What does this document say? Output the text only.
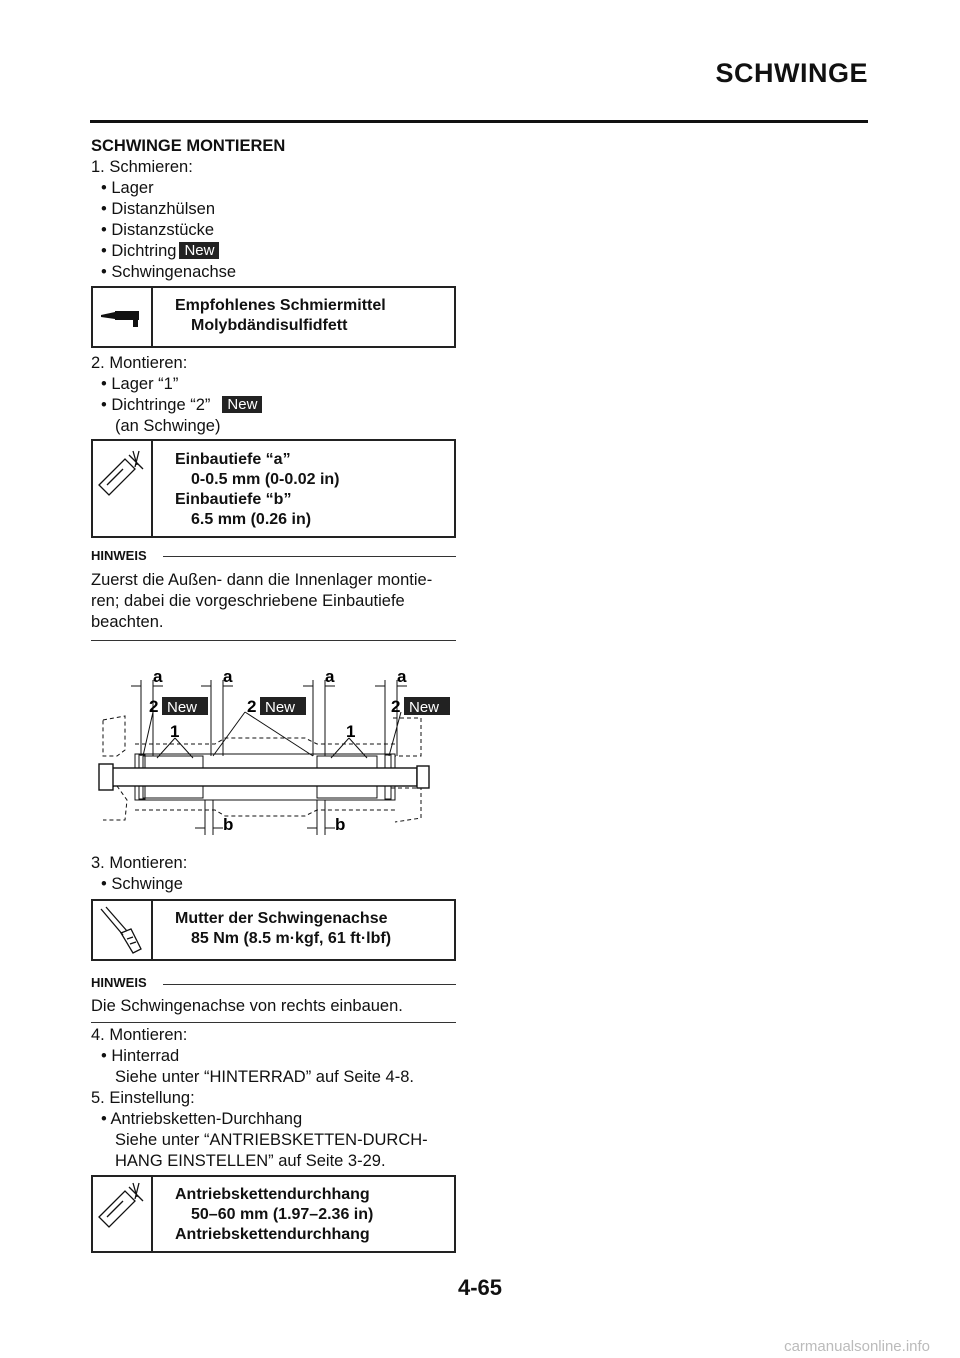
SCHWINGE
SCHWINGE MONTIEREN
1. Schmieren:
• Lager
• Distanzhülsen
• Distanzstücke
• Dichtring New
• Schwingenachse
Empfohlenes Schmiermittel
Molybdändisulfidfett
2. Montieren:
• Lager “1”
• Dichtringe “2” New
(an Schwinge)
Einbautiefe “a”
0-0.5 mm (0-0.02 in)
Einbautiefe “b”
6.5 mm (0.26 in)
HINWEIS
Zuerst die Außen- dann die Innenlager montie-
ren; dabei die vorgeschriebene Einbautiefe
beachten.
a	a	a	a
2 New	2 New	2 New
1	1
b	b
3. Montieren:
• Schwinge
Mutter der Schwingenachse
85 Nm (8.5 m·kgf, 61 ft·lbf)
HINWEIS
Die Schwingenachse von rechts einbauen.
4. Montieren:
• Hinterrad
Siehe unter “HINTERRAD” auf Seite 4-8.
5. Einstellung:
• Antriebsketten-Durchhang
Siehe unter “ANTRIEBSKETTEN-DURCH-
HANG EINSTELLEN” auf Seite 3-29.
Antriebskettendurchhang
50–60 mm (1.97–2.36 in)
Antriebskettendurchhang
4-65
carmanualsonline.info
